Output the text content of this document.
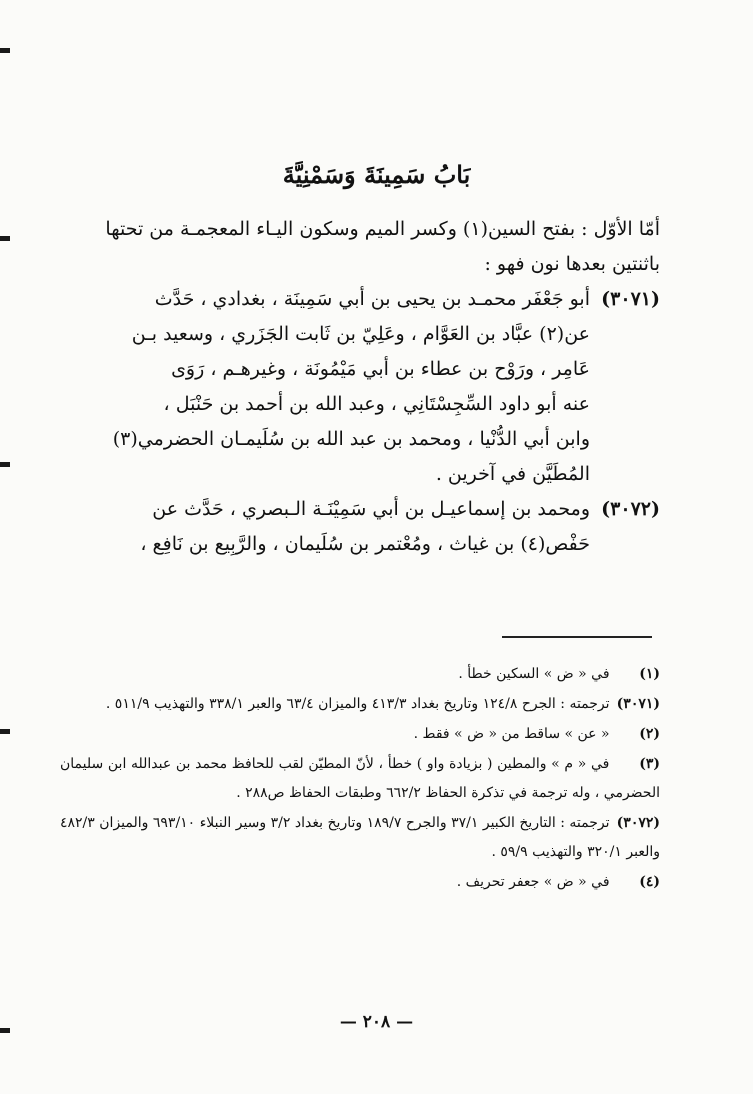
بَابُ سَمِينَةَ وَسَمْنِيَّةَ

أمّا الأوّل : بفتح السين(١) وكسر الميم وسكون اليـاء المعجمـة من تحتها

باثنتين بعدها نون فهو :

(٣٠٧١)

أبو جَعْفَر محمـد بن يحيى بن أبي سَمِينَة ، بغدادي ، حَدَّث

عن(٢) عبَّاد بن العَوَّام ، وعَلِيّ بن ثَابت الجَزَري ، وسعيد بـن

عَامِر ، ورَوْح بن عطاء بن أبي مَيْمُونَة ، وغيرهـم ، رَوَى

عنه أبو داود السِّجِسْتَانِي ، وعبد الله بن أحمد بن حَنْبَل ،

وابن أبي الدُّنْيا ، ومحمد بن عبد الله بن سُلَيمـان الحضرمي(٣)

المُطَيَّن في آخرين .

(٣٠٧٢)

ومحمد بن إسماعيـل بن أبي سَمِيْنَـة الـبصري ، حَدَّث عن

حَفْص(٤) بن غياث ، ومُعْتمر بن سُلَيمان ، والرَّبِيع بن نَافِع ،

(١) في « ض » السكين خطأ .

(٣٠٧١) ترجمته : الجرح ١٢٤/٨ وتاريخ بغداد ٤١٣/٣ والميزان ٦٣/٤ والعبر ٣٣٨/١ والتهذيب ٥١١/٩ .

(٢) « عن » ساقط من « ض » فقط .

(٣) في « م » والمطين ( بزيادة واو ) خطأ ، لأنّ المطيّن لقب للحافظ محمد بن عبدالله ابن سليمان الحضرمي ، وله ترجمة في تذكرة الحفاظ ٦٦٢/٢ وطبقات الحفاظ ص٢٨٨ .

(٣٠٧٢) ترجمته : التاريخ الكبير ٣٧/١ والجرح ١٨٩/٧ وتاريخ بغداد ٣/٢ وسير النبلاء ٦٩٣/١٠ والميزان ٤٨٢/٣ والعبر ٣٢٠/١ والتهذيب ٥٩/٩ .

(٤) في « ض » جعفر تحريف .

— ٢٠٨ —
